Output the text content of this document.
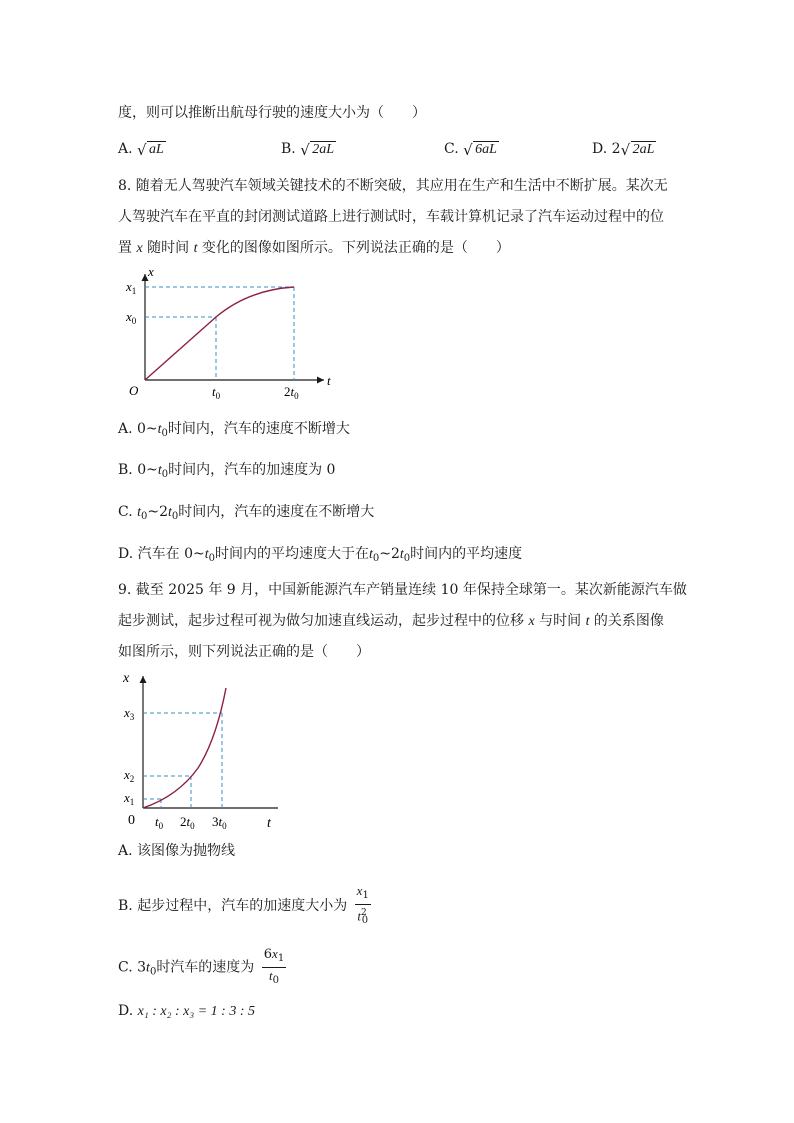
度，则可以推断出航母行驶的速度大小为（　　）
A. √ aL	B. √ 2aL	C. √ 6aL	D. 2 √ 2aL
8. 随着无人驾驶汽车领域关键技术的不断突破，其应用在生产和生活中不断扩展。某次无
人驾驶汽车在平直的封闭测试道路上进行测试时，车载计算机记录了汽车运动过程中的位
置 x 随时间 t 变化的图像如图所示。下列说法正确的是（　　）
x
t
O
$x_1$
$x_0$
$t_0$	$2t_0$
A. $0\sim t_0$时间内，汽车的速度不断增大
B. $0\sim t_0$时间内，汽车的加速度为 0
C. $t_0\sim 2t_0$时间内，汽车的速度在不断增大
D. 汽车在 $0\sim t_0$时间内的平均速度大于在$t_0\sim 2t_0$时间内的平均速度
9. 截至 2025 年 9 月，中国新能源汽车产销量连续 10 年保持全球第一。某次新能源汽车做
起步测试，起步过程可视为做匀加速直线运动，起步过程中的位移 x 与时间 t 的关系图像
如图所示，则下列说法正确的是（　　）
x
t
0
$x_3$
$x_2$
$x_1$
$t_0$ $2t_0$ $3t_0$
A. 该图像为抛物线
B. 起步过程中，汽车的加速度大小为 $\frac{x_1}{t^2_0}$
C. $3t_0$时汽车的速度为 $\frac{6x_1}{t_0}$
D. x₁ : x₂ : x₃ = 1 : 3 : 5
